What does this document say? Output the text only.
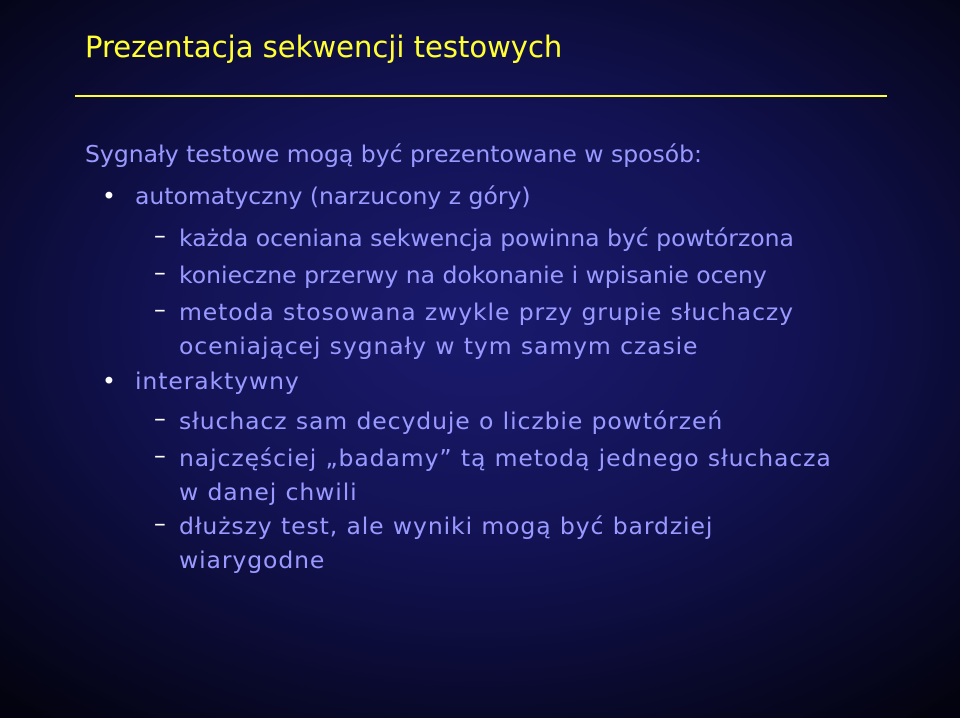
Prezentacja sekwencji testowych
Sygnały testowe mogą być prezentowane w sposób:
• automatyczny (narzucony z góry)
– każda oceniana sekwencja powinna być powtórzona
– konieczne przerwy na dokonanie i wpisanie oceny
– metoda stosowana zwykle przy grupie słuchaczy
oceniającej sygnały w tym samym czasie
• interaktywny
– słuchacz sam decyduje o liczbie powtórzeń
– najczęściej „badamy” tą metodą jednego słuchacza
w danej chwili
– dłuższy test, ale wyniki mogą być bardziej
wiarygodne
